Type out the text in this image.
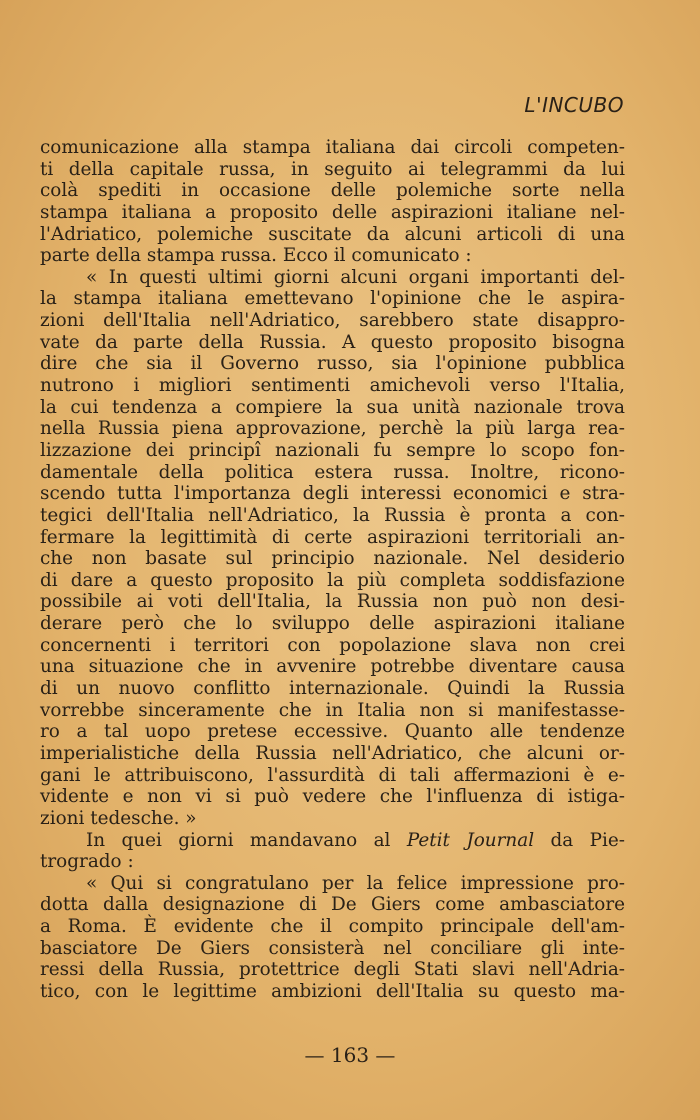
L'INCUBO
comunicazione alla stampa italiana dai circoli competen-
ti della capitale russa, in seguito ai telegrammi da lui
colà spediti in occasione delle polemiche sorte nella
stampa italiana a proposito delle aspirazioni italiane nel-
l'Adriatico, polemiche suscitate da alcuni articoli di una
parte della stampa russa. Ecco il comunicato :
« In questi ultimi giorni alcuni organi importanti del-
la stampa italiana emettevano l'opinione che le aspira-
zioni dell'Italia nell'Adriatico, sarebbero state disappro-
vate da parte della Russia. A questo proposito bisogna
dire che sia il Governo russo, sia l'opinione pubblica
nutrono i migliori sentimenti amichevoli verso l'Italia,
la cui tendenza a compiere la sua unità nazionale trova
nella Russia piena approvazione, perchè la più larga rea-
lizzazione dei principî nazionali fu sempre lo scopo fon-
damentale della politica estera russa. Inoltre, ricono-
scendo tutta l'importanza degli interessi economici e stra-
tegici dell'Italia nell'Adriatico, la Russia è pronta a con-
fermare la legittimità di certe aspirazioni territoriali an-
che non basate sul principio nazionale. Nel desiderio
di dare a questo proposito la più completa soddisfazione
possibile ai voti dell'Italia, la Russia non può non desi-
derare però che lo sviluppo delle aspirazioni italiane
concernenti i territori con popolazione slava non crei
una situazione che in avvenire potrebbe diventare causa
di un nuovo conflitto internazionale. Quindi la Russia
vorrebbe sinceramente che in Italia non si manifestasse-
ro a tal uopo pretese eccessive. Quanto alle tendenze
imperialistiche della Russia nell'Adriatico, che alcuni or-
gani le attribuiscono, l'assurdità di tali affermazioni è e-
vidente e non vi si può vedere che l'influenza di istiga-
zioni tedesche. »
In quei giorni mandavano al Petit Journal da Pie-
trogrado :
« Qui si congratulano per la felice impressione pro-
dotta dalla designazione di De Giers come ambasciatore
a Roma. È evidente che il compito principale dell'am-
basciatore De Giers consisterà nel conciliare gli inte-
ressi della Russia, protettrice degli Stati slavi nell'Adria-
tico, con le legittime ambizioni dell'Italia su questo ma-
— 163 —
